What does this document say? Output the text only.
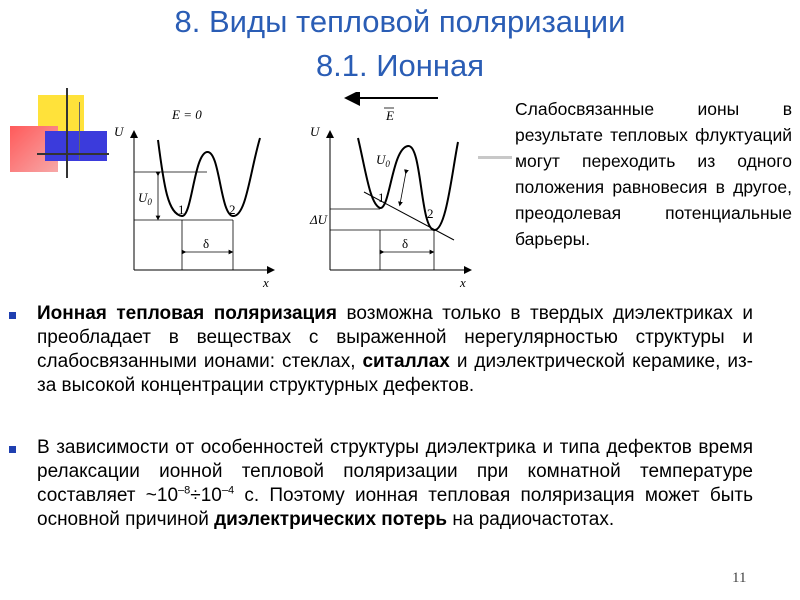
8. Виды тепловой поляризации
8.1. Ионная
U
x
E = 0
$U_0$ 1	2
δ
E
U
x
$U_0$
ΔU
1
2
δ
Слабосвязанные ионы в результате тепловых флуктуаций могут переходить из одного положения равновесия в другое, преодолевая потенциальные барьеры.
Ионная тепловая поляризация возможна только в твердых диэлектриках и преобладает в веществах с выраженной нерегулярностью структуры и слабосвязанными ионами: стеклах, ситаллах и диэлектрической керамике, из-за высокой концентрации структурных дефектов.
В зависимости от особенностей структуры диэлектрика и типа дефектов время релаксации ионной тепловой поляризации при комнатной температуре составляет $\sim 10^{-8}\div 10^{-4}$ с. Поэтому ионная тепловая поляризация может быть основной причиной диэлектрических потерь на радиочастотах.
11
